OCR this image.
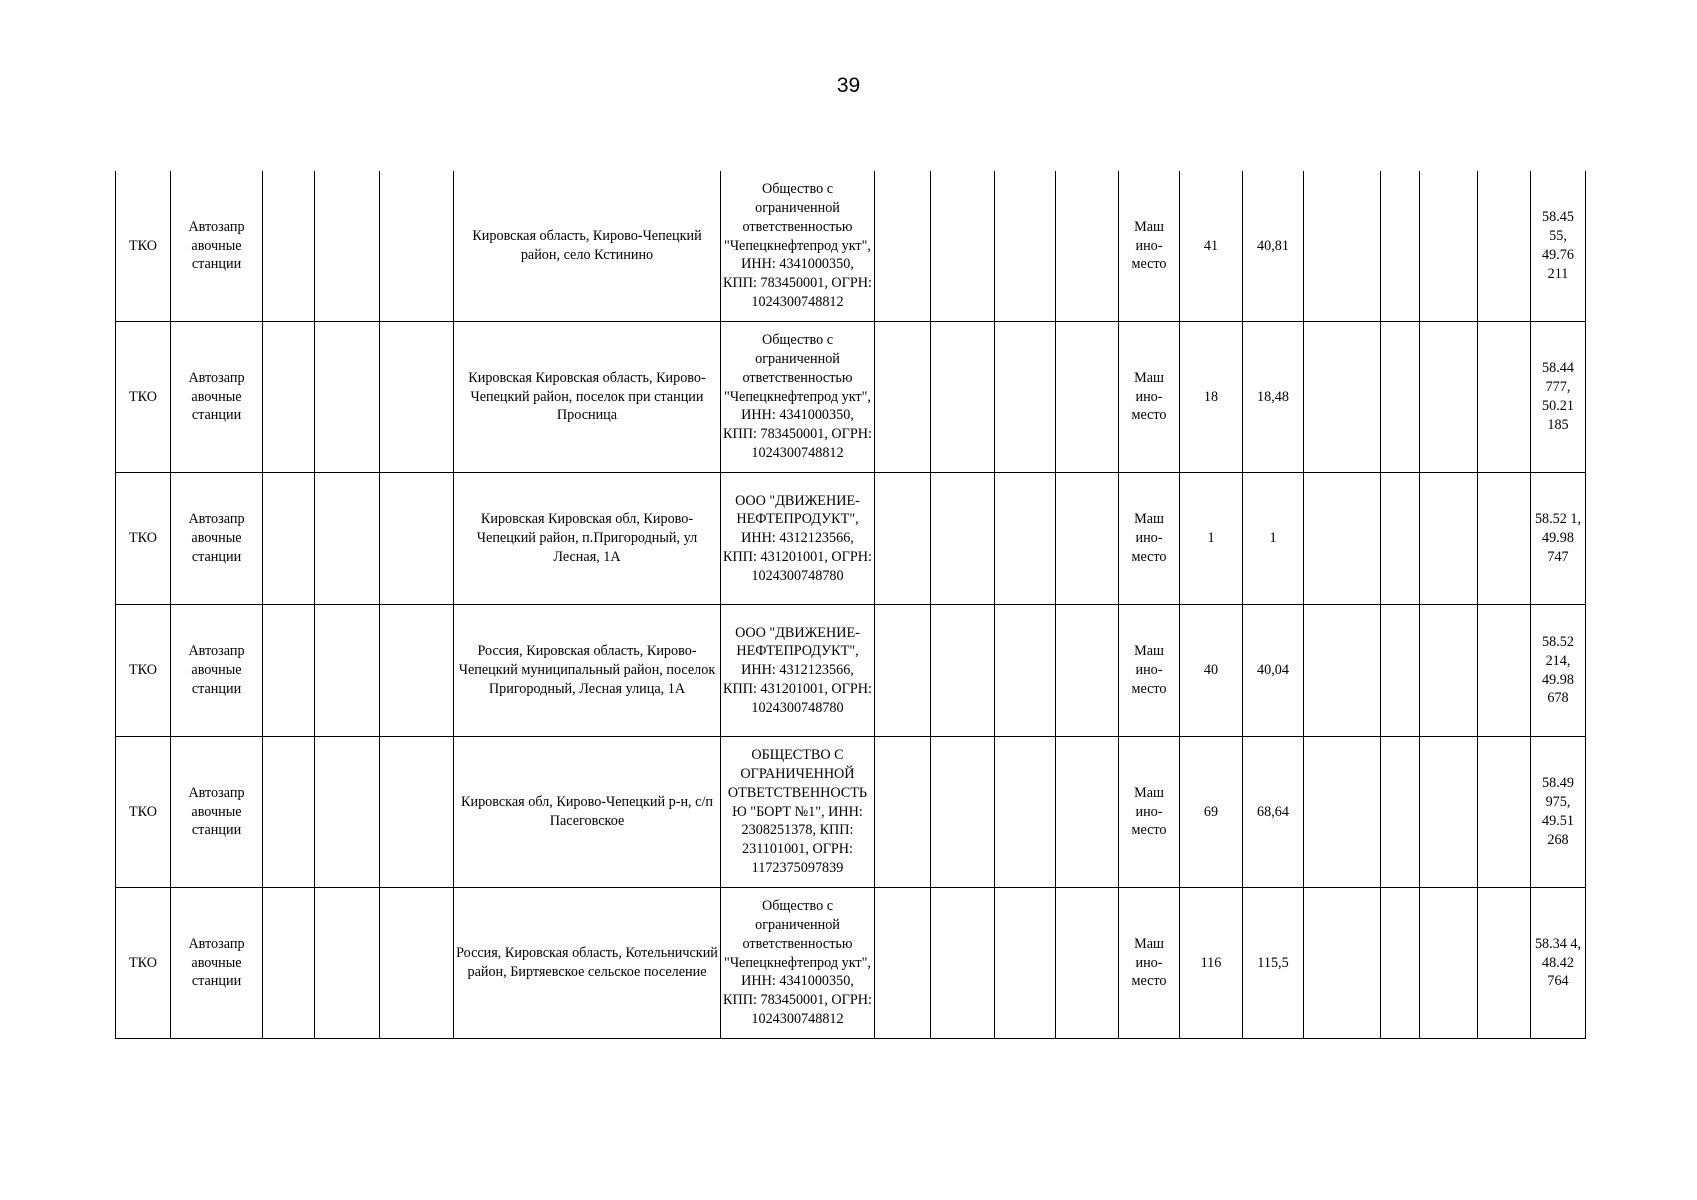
39
ТКО	Автозапр авочные станции				Кировская область, Кирово-Чепецкий район, село Кстинино	Общество с ограниченной ответственностью "Чепецкнефтепрод укт", ИНН: 4341000350, КПП: 783450001, ОГРН: 1024300748812					Маш ино-место	41	40,81					58.45 55, 49.76 211
ТКО	Автозапр авочные станции				Кировская Кировская область, Кирово-Чепецкий район, поселок при станции Просница	Общество с ограниченной ответственностью "Чепецкнефтепрод укт", ИНН: 4341000350, КПП: 783450001, ОГРН: 1024300748812					Маш ино-место	18	18,48					58.44 777, 50.21 185
ТКО	Автозапр авочные станции				Кировская Кировская обл, Кирово-Чепецкий район, п.Пригородный, ул Лесная, 1А	ООО "ДВИЖЕНИЕ-НЕФТЕПРОДУКТ", ИНН: 4312123566, КПП: 431201001, ОГРН: 1024300748780					Маш ино-место	1	1					58.52 1, 49.98 747
ТКО	Автозапр авочные станции				Россия, Кировская область, Кирово-Чепецкий муниципальный район, поселок Пригородный, Лесная улица, 1А	ООО "ДВИЖЕНИЕ-НЕФТЕПРОДУКТ", ИНН: 4312123566, КПП: 431201001, ОГРН: 1024300748780					Маш ино-место	40	40,04					58.52 214, 49.98 678
ТКО	Автозапр авочные станции				Кировская обл, Кирово-Чепецкий р-н, с/п Пасеговское	ОБЩЕСТВО С ОГРАНИЧЕННОЙ ОТВЕТСТВЕННОСТЬЮ "БОРТ №1", ИНН: 2308251378, КПП: 231101001, ОГРН: 1172375097839					Маш ино-место	69	68,64					58.49 975, 49.51 268
ТКО	Автозапр авочные станции				Россия, Кировская область, Котельничский район, Биртяевское сельское поселение	Общество с ограниченной ответственностью "Чепецкнефтепрод укт", ИНН: 4341000350, КПП: 783450001, ОГРН: 1024300748812					Маш ино-место	116	115,5					58.34 4, 48.42 764
